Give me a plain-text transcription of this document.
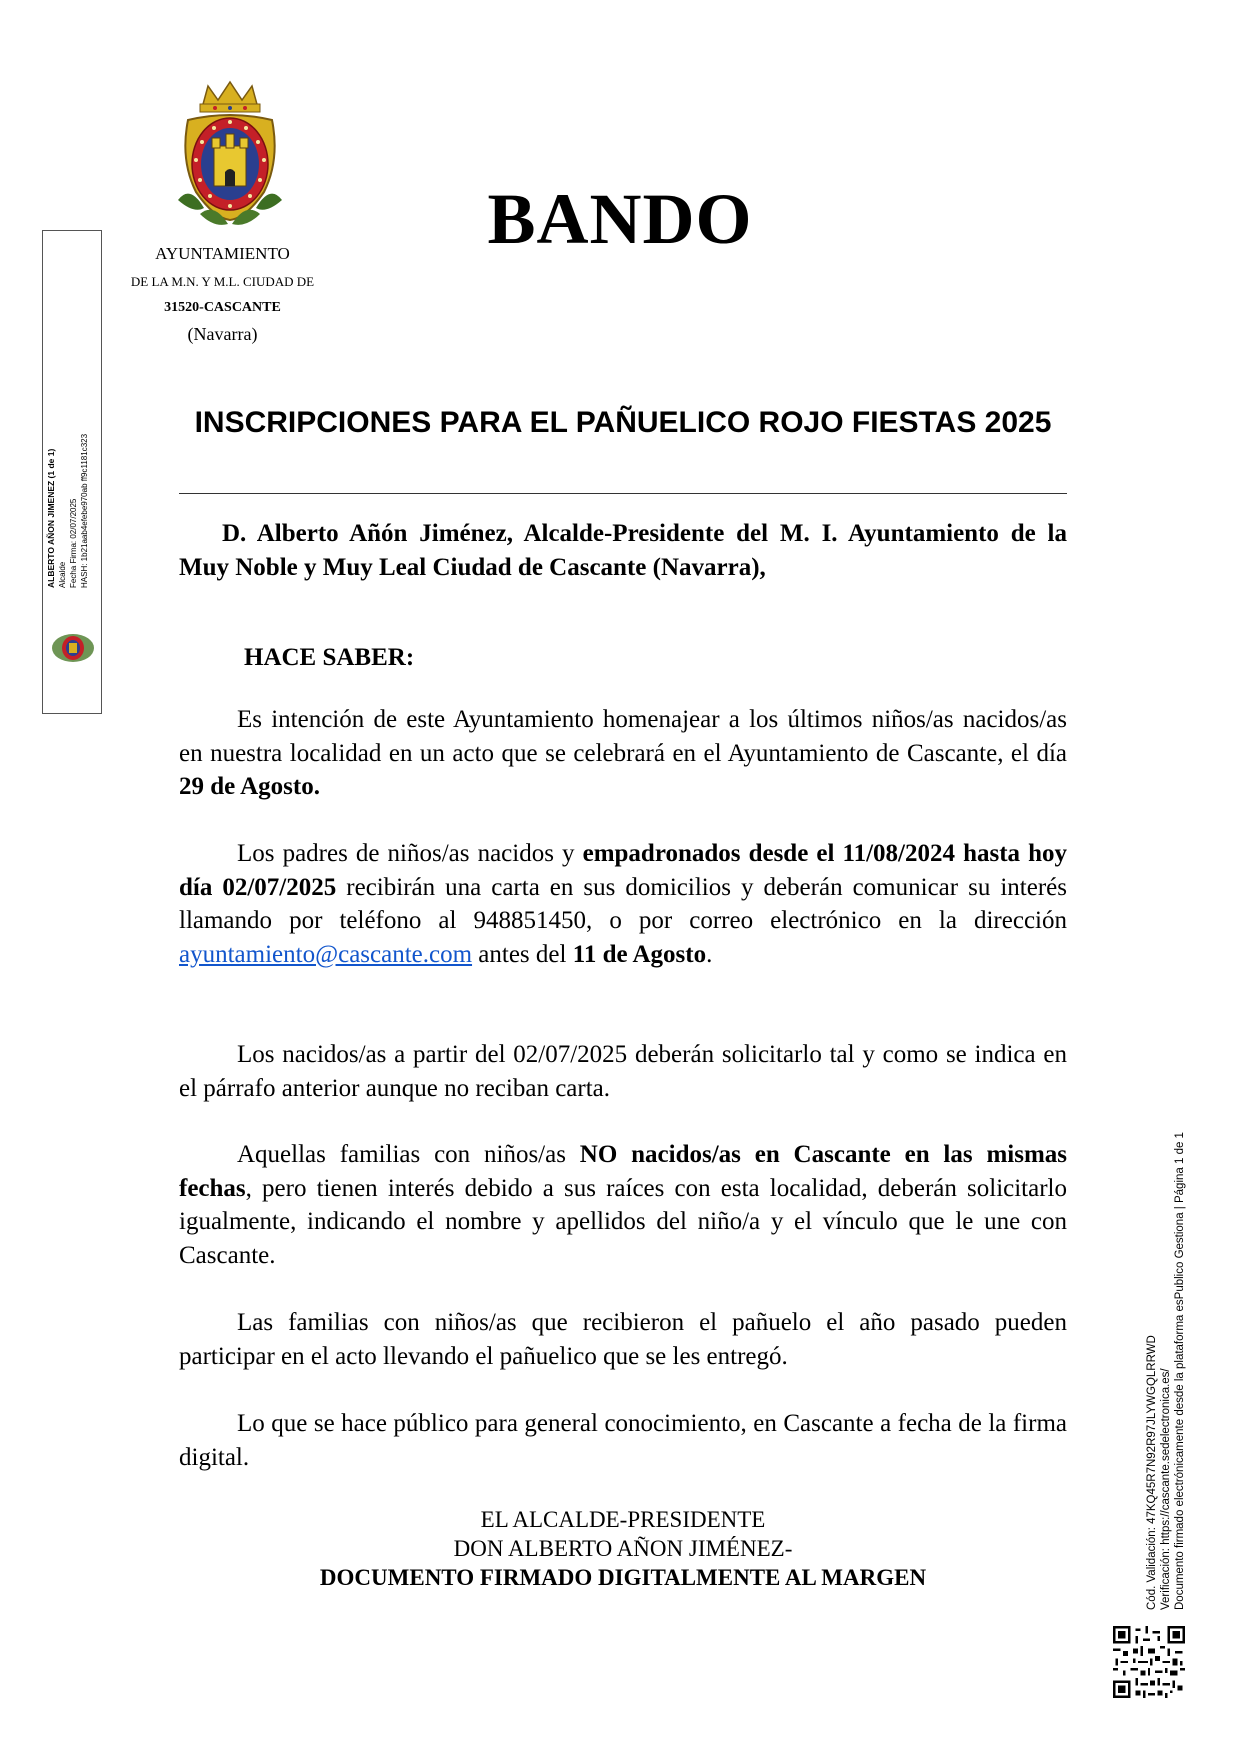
ALBERTO AÑON JIMENEZ (1 de 1) Alcalde Fecha Firma: 02/07/2025 HASH: 1b21aab4efebe970ab ff9c1181c323
AYUNTAMIENTO
DE LA M.N. Y M.L. CIUDAD DE
31520-CASCANTE
(Navarra)
BANDO
INSCRIPCIONES PARA EL PAÑUELICO ROJO FIESTAS 2025
D. Alberto Añón Jiménez, Alcalde-Presidente del M. I. Ayuntamiento de la Muy Noble y Muy Leal Ciudad de Cascante (Navarra),
HACE SABER:
Es intención de este Ayuntamiento homenajear a los últimos niños/as nacidos/as en nuestra localidad en un acto que se celebrará en el Ayuntamiento de Cascante, el día 29 de Agosto.
Los padres de niños/as nacidos y empadronados desde el 11/08/2024 hasta hoy día 02/07/2025 recibirán una carta en sus domicilios y deberán comunicar su interés llamando por teléfono al 948851450, o por correo electrónico en la dirección ayuntamiento@cascante.com antes del 11 de Agosto.
Los nacidos/as a partir del 02/07/2025 deberán solicitarlo tal y como se indica en el párrafo anterior aunque no reciban carta.
Aquellas familias con niños/as NO nacidos/as en Cascante en las mismas fechas, pero tienen interés debido a sus raíces con esta localidad, deberán solicitarlo igualmente, indicando el nombre y apellidos del niño/a y el vínculo que le une con Cascante.
Las familias con niños/as que recibieron el pañuelo el año pasado pueden participar en el acto llevando el pañuelico que se les entregó.
Lo que se hace público para general conocimiento, en Cascante a fecha de la firma digital.
EL ALCALDE-PRESIDENTE
DON ALBERTO AÑON JIMÉNEZ-
DOCUMENTO FIRMADO DIGITALMENTE AL MARGEN	Cód. Validación: 47KQ45R7N92R97JLYWGQLRRWD Verificación: https://cascante.sedelectronica.es/ Documento firmado electrónicamente desde la plataforma esPublico Gestiona | Página 1 de 1
